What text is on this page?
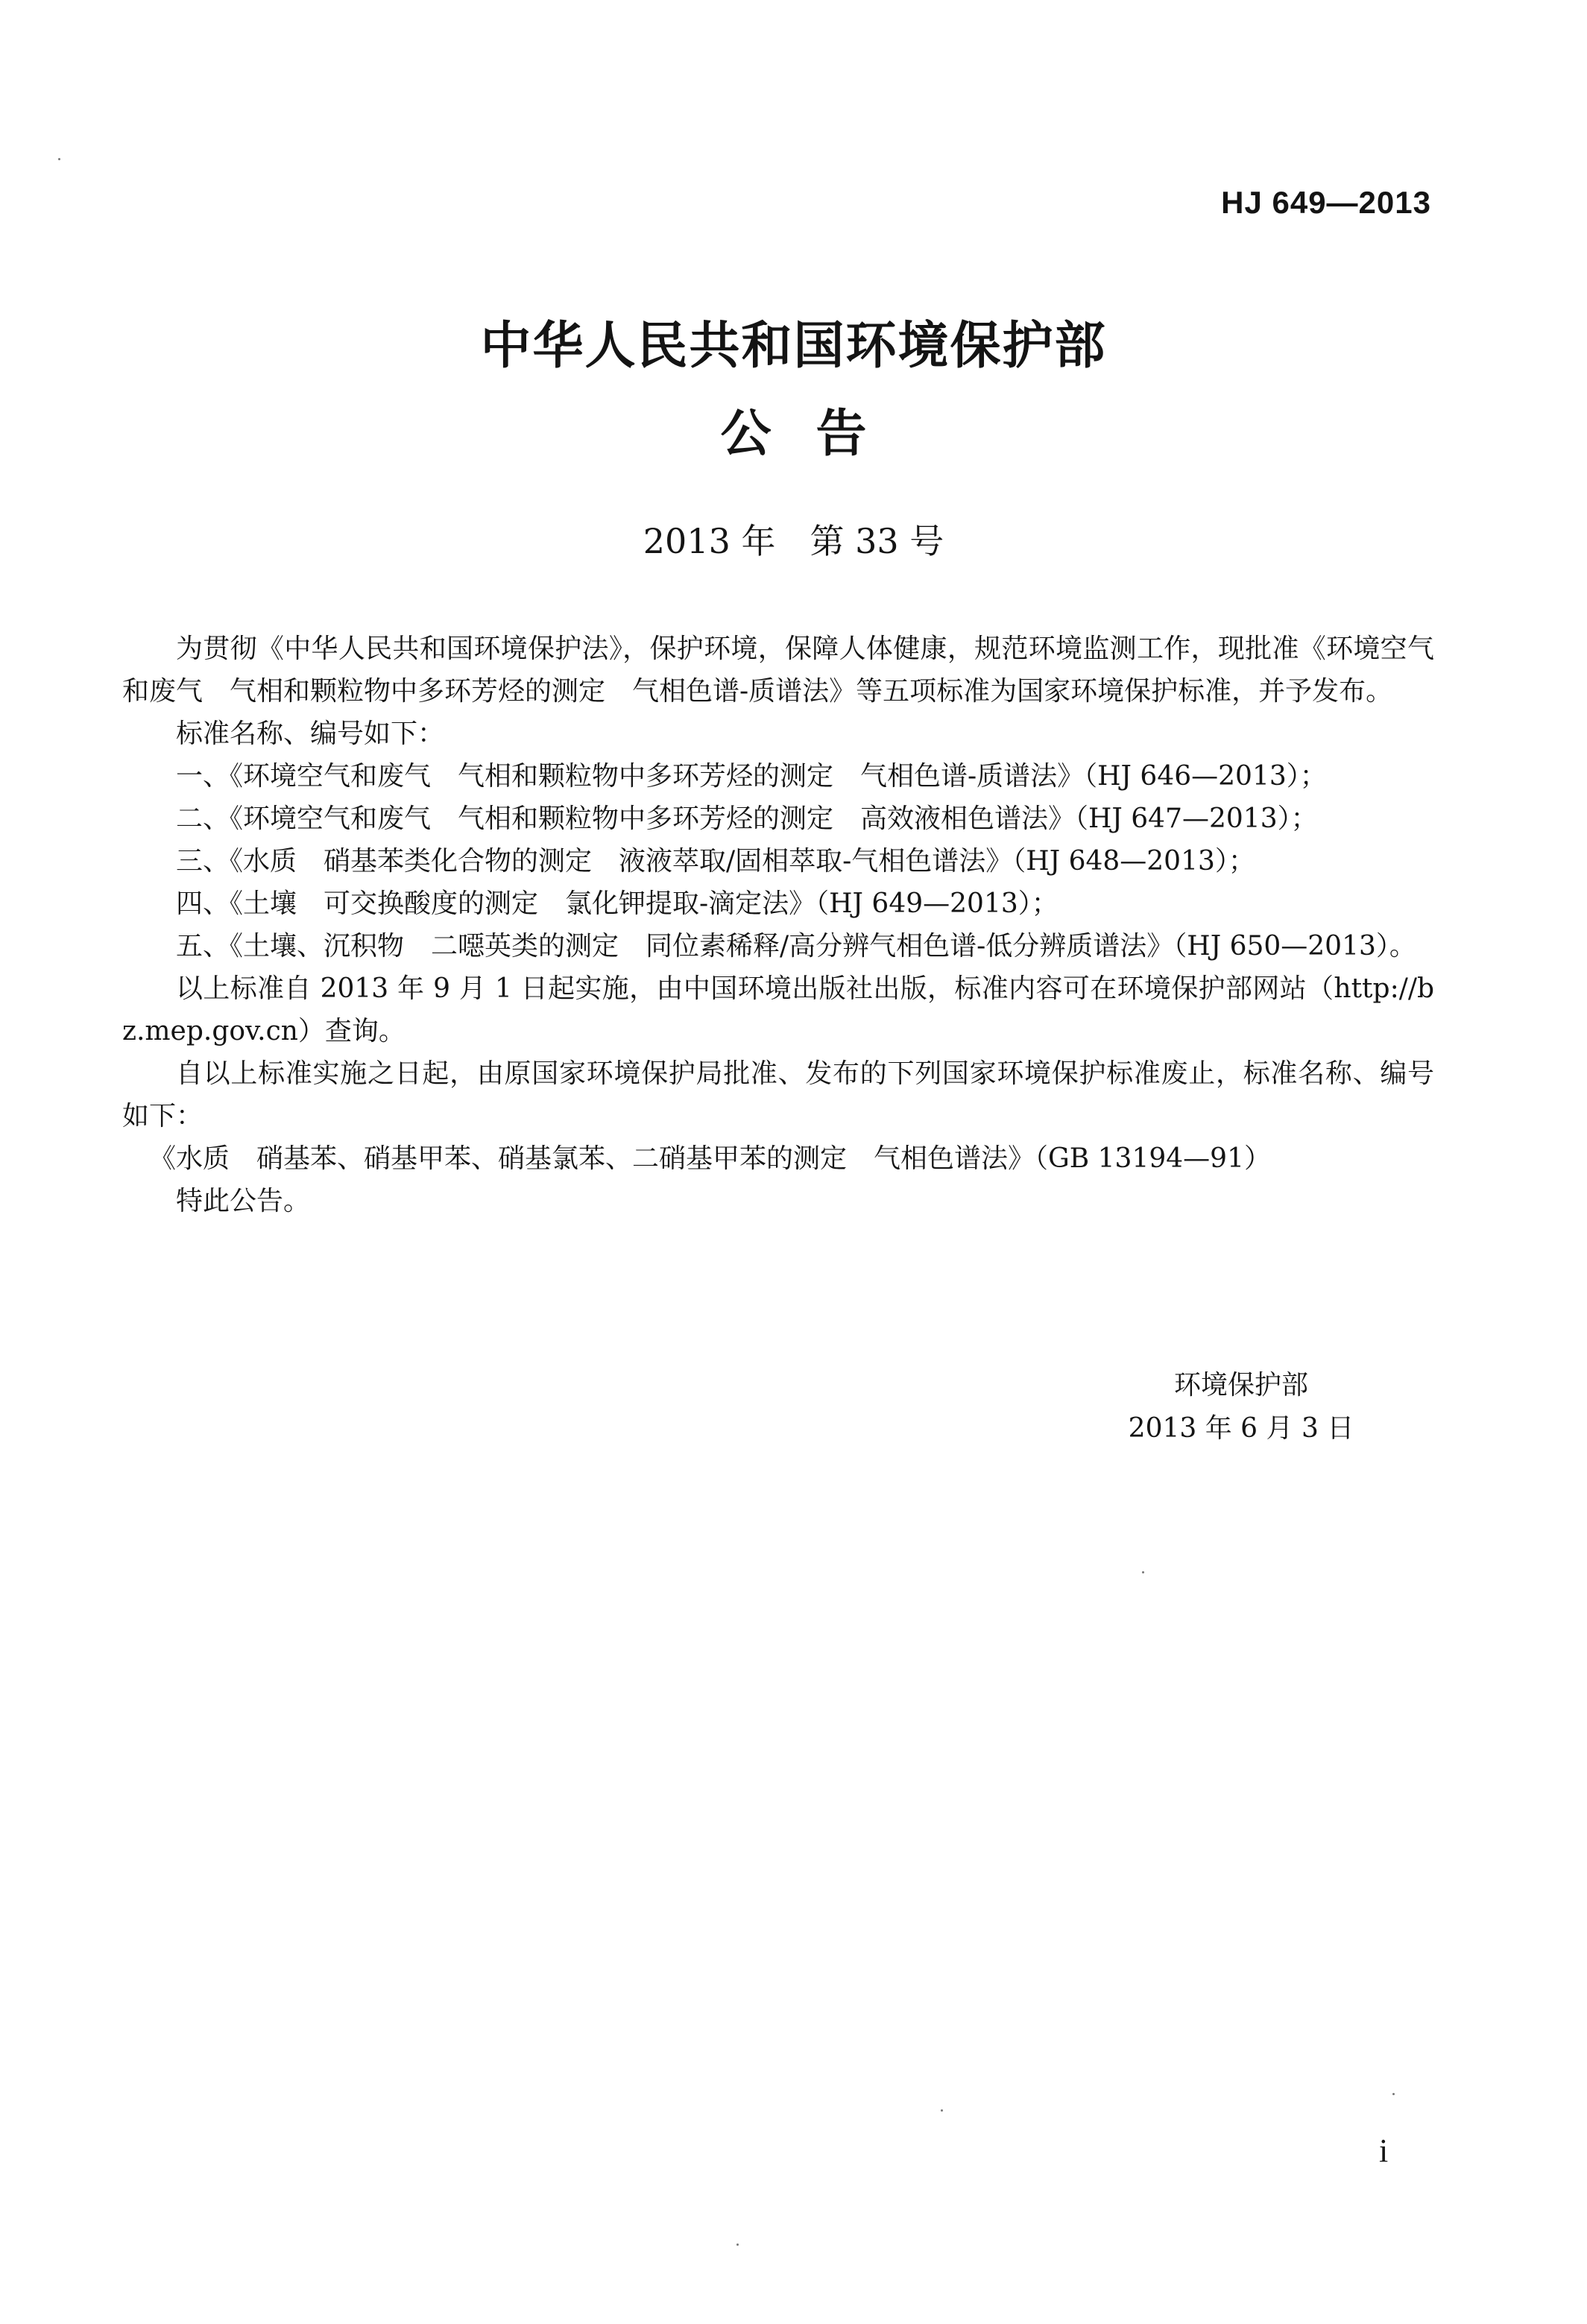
HJ 649—2013
中华人民共和国环境保护部
公告
2013 年　第 33 号

为贯彻《中华人民共和国环境保护法》，保护环境，保障人体健康，规范环境监测工作，现批准《环境空气和废气　气相和颗粒物中多环芳烃的测定　气相色谱-质谱法》等五项标准为国家环境保护标准，并予发布。

标准名称、编号如下：

一、《环境空气和废气　气相和颗粒物中多环芳烃的测定　气相色谱-质谱法》（HJ 646—2013）；

二、《环境空气和废气　气相和颗粒物中多环芳烃的测定　高效液相色谱法》（HJ 647—2013）；

三、《水质　硝基苯类化合物的测定　液液萃取/固相萃取-气相色谱法》（HJ 648—2013）；

四、《土壤　可交换酸度的测定　氯化钾提取-滴定法》（HJ 649—2013）；

五、《土壤、沉积物　二噁英类的测定　同位素稀释/高分辨气相色谱-低分辨质谱法》（HJ 650—2013）。

以上标准自 2013 年 9 月 1 日起实施，由中国环境出版社出版，标准内容可在环境保护部网站（http://bz.mep.gov.cn）查询。

自以上标准实施之日起，由原国家环境保护局批准、发布的下列国家环境保护标准废止，标准名称、编号如下：

《水质　硝基苯、硝基甲苯、硝基氯苯、二硝基甲苯的测定　气相色谱法》（GB 13194—91）

特此公告。

环境保护部
2013 年 6 月 3 日
i
